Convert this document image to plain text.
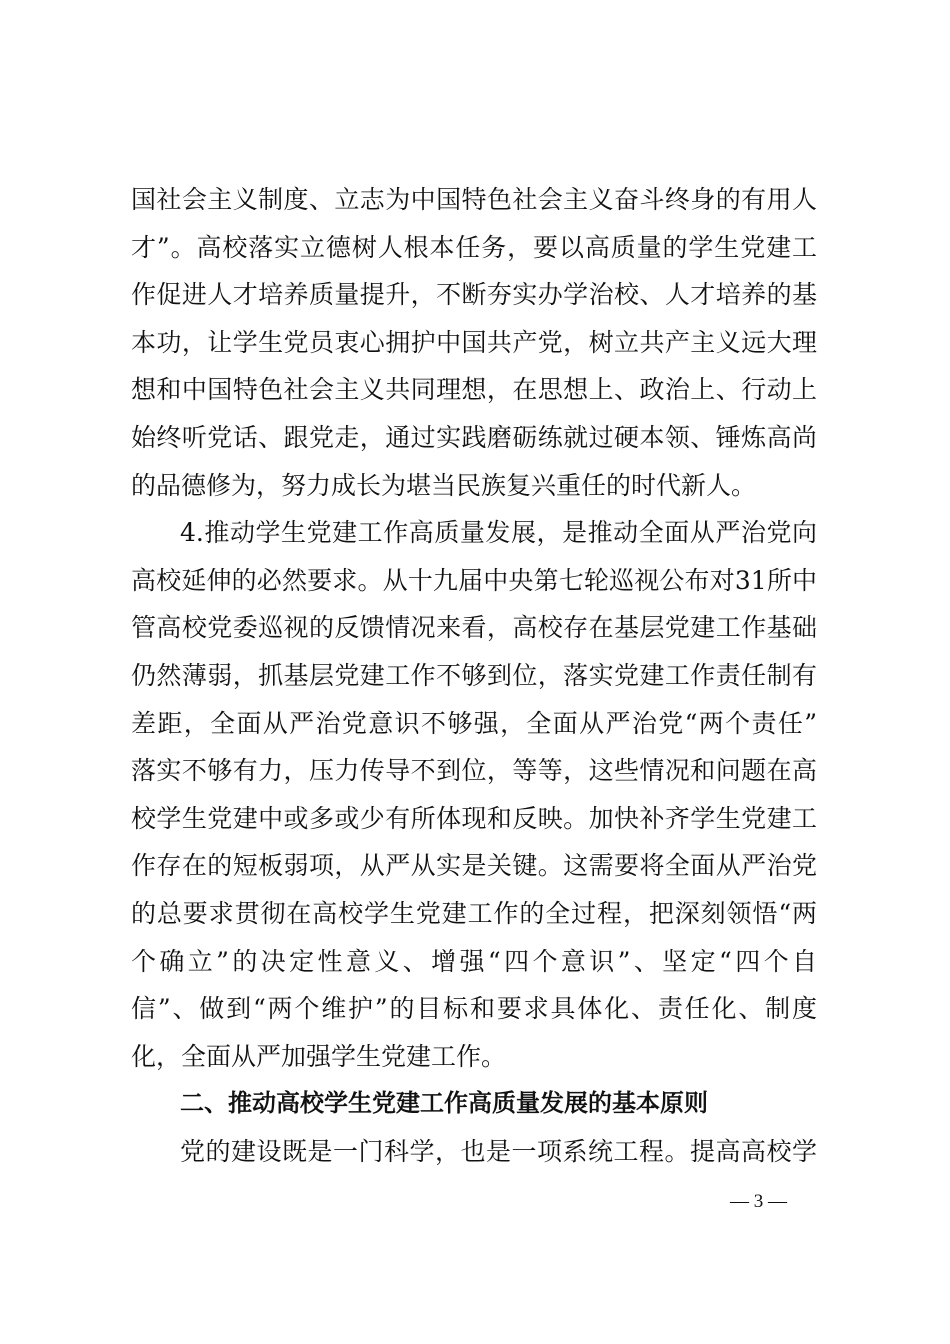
国社会主义制度、立志为中国特色社会主义奋斗终身的有用人
才”。高校落实立德树人根本任务，要以高质量的学生党建工
作促进人才培养质量提升，不断夯实办学治校、人才培养的基
本功，让学生党员衷心拥护中国共产党，树立共产主义远大理
想和中国特色社会主义共同理想，在思想上、政治上、行动上
始终听党话、跟党走，通过实践磨砺练就过硬本领、锤炼高尚
的品德修为，努力成长为堪当民族复兴重任的时代新人。
4.推动学生党建工作高质量发展，是推动全面从严治党向
高校延伸的必然要求。从十九届中央第七轮巡视公布对31所中
管高校党委巡视的反馈情况来看，高校存在基层党建工作基础
仍然薄弱，抓基层党建工作不够到位，落实党建工作责任制有
差距，全面从严治党意识不够强，全面从严治党“两个责任”
落实不够有力，压力传导不到位，等等，这些情况和问题在高
校学生党建中或多或少有所体现和反映。加快补齐学生党建工
作存在的短板弱项，从严从实是关键。这需要将全面从严治党
的总要求贯彻在高校学生党建工作的全过程，把深刻领悟“两
个确立”的决定性意义、增强“四个意识”、坚定“四个自
信”、做到“两个维护”的目标和要求具体化、责任化、制度
化，全面从严加强学生党建工作。
二、推动高校学生党建工作高质量发展的基本原则
党的建设既是一门科学，也是一项系统工程。提高高校学
— 3 —
